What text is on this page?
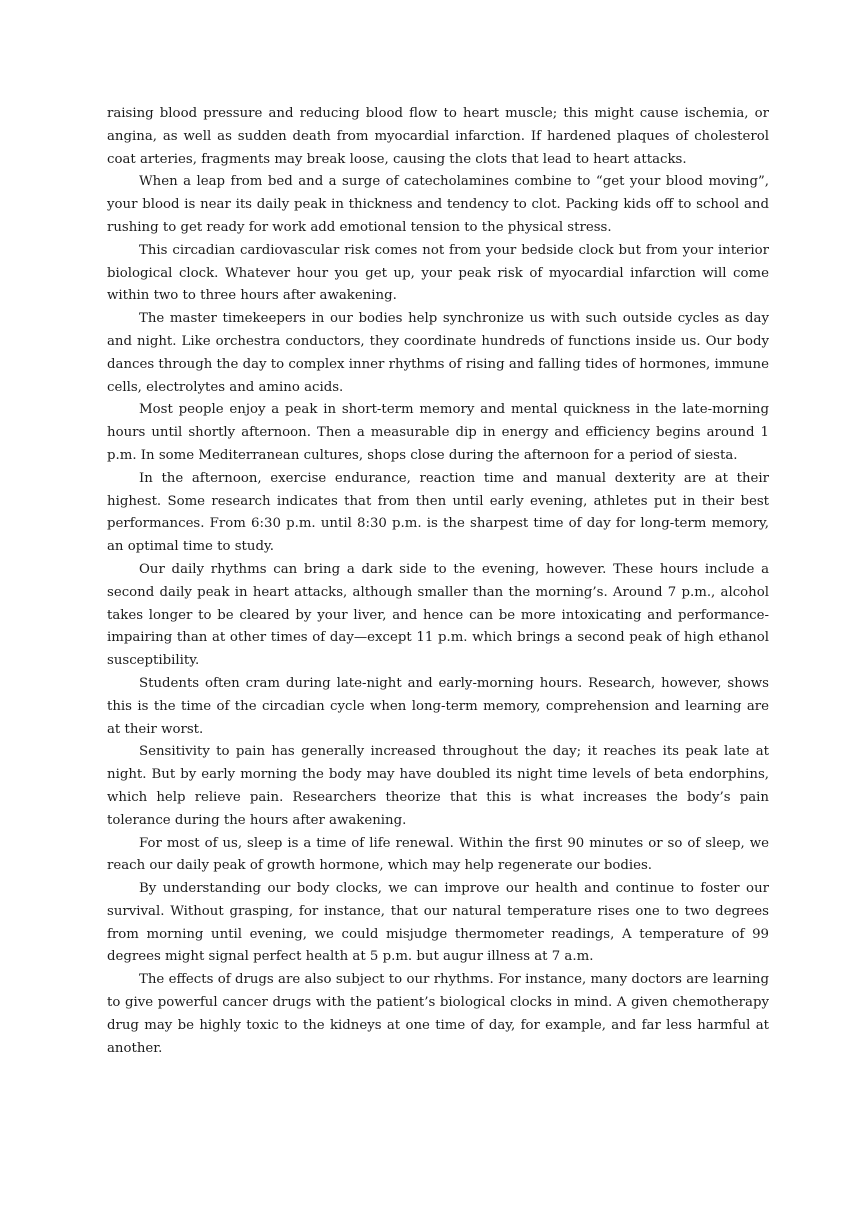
raising blood pressure and reducing blood flow to heart muscle; this might cause ischemia, or angina, as well as sudden death from myocardial infarction. If hardened plaques of cholesterol coat arteries, fragments may break loose, causing the clots that lead to heart attacks.

When a leap from bed and a surge of catecholamines combine to “get your blood moving”, your blood is near its daily peak in thickness and tendency to clot. Packing kids off to school and rushing to get ready for work add emotional tension to the physical stress.

This circadian cardiovascular risk comes not from your bedside clock but from your interior biological clock. Whatever hour you get up, your peak risk of myocardial infarction will come within two to three hours after awakening.

The master timekeepers in our bodies help synchronize us with such outside cycles as day and night. Like orchestra conductors, they coordinate hundreds of functions inside us. Our body dances through the day to complex inner rhythms of rising and falling tides of hormones, immune cells, electrolytes and amino acids.

Most people enjoy a peak in short-term memory and mental quickness in the late-morning hours until shortly afternoon. Then a measurable dip in energy and efficiency begins around 1 p.m. In some Mediterranean cultures, shops close during the afternoon for a period of siesta.

In the afternoon, exercise endurance, reaction time and manual dexterity are at their highest. Some research indicates that from then until early evening, athletes put in their best performances. From 6:30 p.m. until 8:30 p.m. is the sharpest time of day for long-term memory, an optimal time to study.

Our daily rhythms can bring a dark side to the evening, however. These hours include a second daily peak in heart attacks, although smaller than the morning’s. Around 7 p.m., alcohol takes longer to be cleared by your liver, and hence can be more intoxicating and performance-impairing than at other times of day—except 11 p.m. which brings a second peak of high ethanol susceptibility.

Students often cram during late-night and early-morning hours. Research, however, shows this is the time of the circadian cycle when long-term memory, comprehension and learning are at their worst.

Sensitivity to pain has generally increased throughout the day; it reaches its peak late at night. But by early morning the body may have doubled its night time levels of beta endorphins, which help relieve pain. Researchers theorize that this is what increases the body’s pain tolerance during the hours after awakening.

For most of us, sleep is a time of life renewal. Within the first 90 minutes or so of sleep, we reach our daily peak of growth hormone, which may help regenerate our bodies.

By understanding our body clocks, we can improve our health and continue to foster our survival. Without grasping, for instance, that our natural temperature rises one to two degrees from morning until evening, we could misjudge thermometer readings, A temperature of 99 degrees might signal perfect health at 5 p.m. but augur illness at 7 a.m.

The effects of drugs are also subject to our rhythms. For instance, many doctors are learning to give powerful cancer drugs with the patient’s biological clocks in mind. A given chemotherapy drug may be highly toxic to the kidneys at one time of day, for example, and far less harmful at another.
